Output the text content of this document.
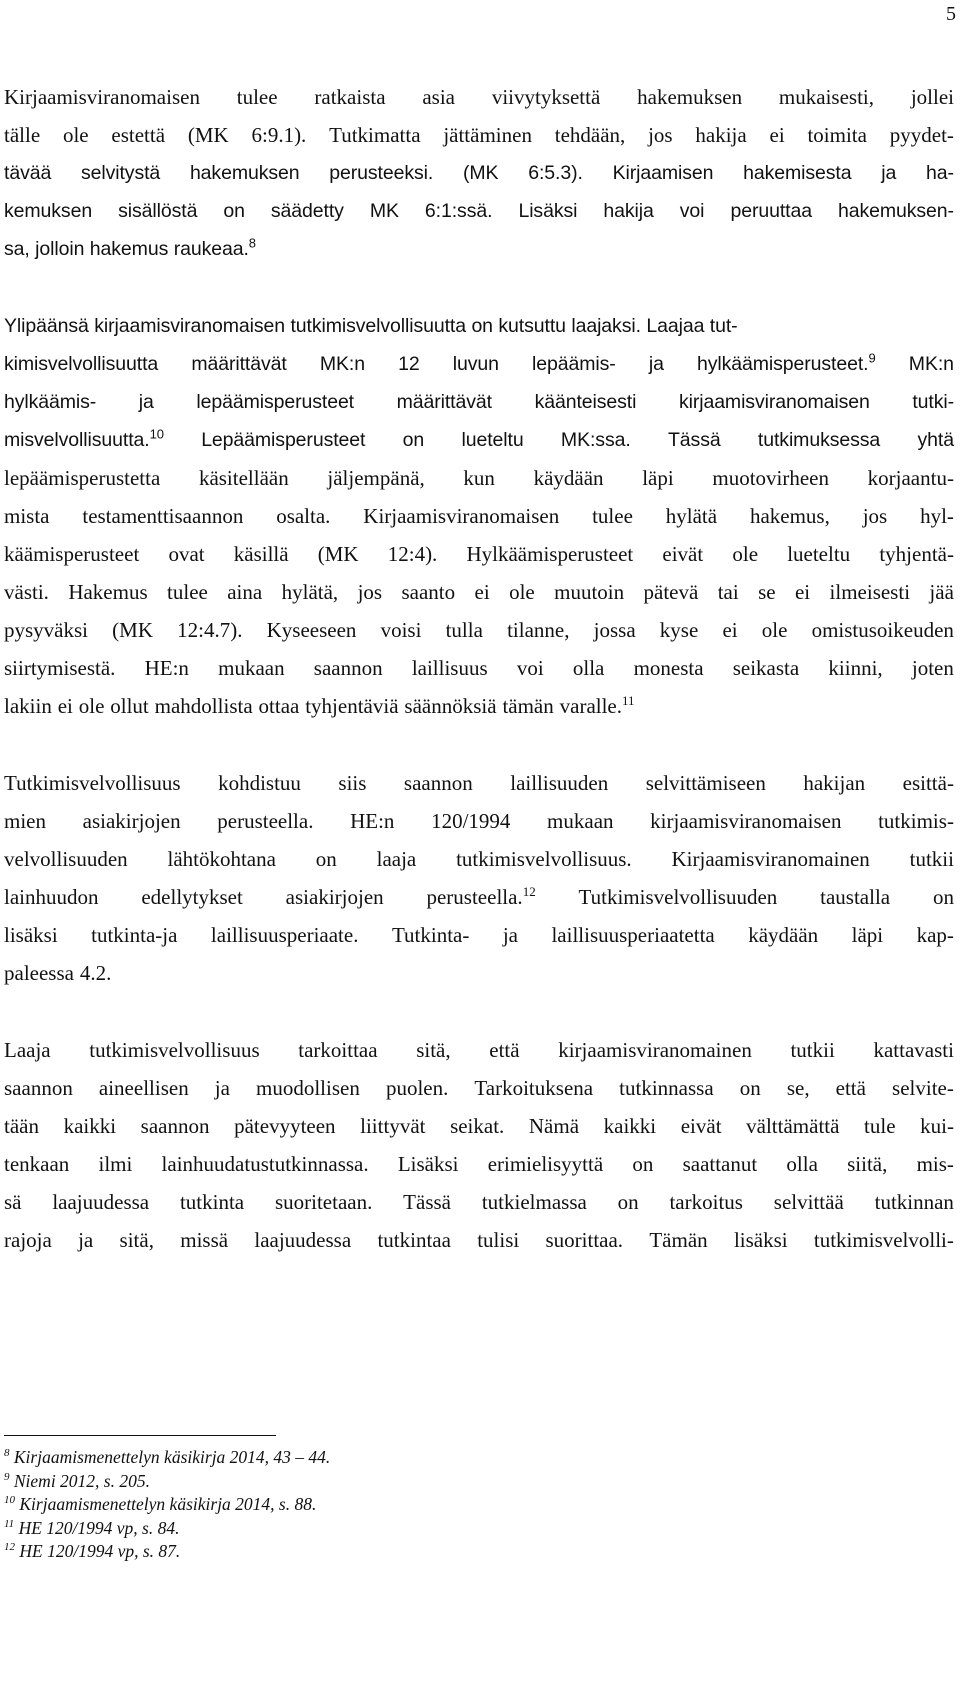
5
Kirjaamisviranomaisen tulee ratkaista asia viivytyksettä hakemuksen mukaisesti, jollei
tälle ole estettä (MK 6:9.1). Tutkimatta jättäminen tehdään, jos hakija ei toimita pyydet-
tävää selvitystä hakemuksen perusteeksi. (MK 6:5.3). Kirjaamisen hakemisesta ja ha-
kemuksen sisällöstä on säädetty MK 6:1:ssä. Lisäksi hakija voi peruuttaa hakemuksen-
sa, jolloin hakemus raukeaa.$^8$
Ylipäänsä kirjaamisviranomaisen tutkimisvelvollisuutta on kutsuttu laajaksi. Laajaa tut-
kimisvelvollisuutta määrittävät MK:n 12 luvun lepäämis- ja hylkäämisperusteet.$^9$ MK:n
hylkäämis- ja lepäämisperusteet määrittävät käänteisesti kirjaamisviranomaisen tutki-
misvelvollisuutta.$^{10}$ Lepäämisperusteet on lueteltu MK:ssa. Tässä tutkimuksessa yhtä
lepäämisperustetta käsitellään jäljempänä, kun käydään läpi muotovirheen korjaantu-
mista testamenttisaannon osalta. Kirjaamisviranomaisen tulee hylätä hakemus, jos hyl-
käämisperusteet ovat käsillä (MK 12:4). Hylkäämisperusteet eivät ole lueteltu tyhjentä-
västi. Hakemus tulee aina hylätä, jos saanto ei ole muutoin pätevä tai se ei ilmeisesti jää
pysyväksi (MK 12:4.7). Kyseeseen voisi tulla tilanne, jossa kyse ei ole omistusoikeuden
siirtymisestä. HE:n mukaan saannon laillisuus voi olla monesta seikasta kiinni, joten
lakiin ei ole ollut mahdollista ottaa tyhjentäviä säännöksiä tämän varalle.$^{11}$
Tutkimisvelvollisuus kohdistuu siis saannon laillisuuden selvittämiseen hakijan esittä-
mien asiakirjojen perusteella. HE:n 120/1994 mukaan kirjaamisviranomaisen tutkimis-
velvollisuuden lähtökohtana on laaja tutkimisvelvollisuus. Kirjaamisviranomainen tutkii
lainhuudon edellytykset asiakirjojen perusteella.$^{12}$ Tutkimisvelvollisuuden taustalla on
lisäksi tutkinta-ja laillisuusperiaate. Tutkinta- ja laillisuusperiaatetta käydään läpi kap-
paleessa 4.2.
Laaja tutkimisvelvollisuus tarkoittaa sitä, että kirjaamisviranomainen tutkii kattavasti
saannon aineellisen ja muodollisen puolen. Tarkoituksena tutkinnassa on se, että selvite-
tään kaikki saannon pätevyyteen liittyvät seikat. Nämä kaikki eivät välttämättä tule kui-
tenkaan ilmi lainhuudatustutkinnassa. Lisäksi erimielisyyttä on saattanut olla siitä, mis-
sä laajuudessa tutkinta suoritetaan. Tässä tutkielmassa on tarkoitus selvittää tutkinnan
rajoja ja sitä, missä laajuudessa tutkintaa tulisi suorittaa. Tämän lisäksi tutkimisvelvolli-
$^8$ Kirjaamismenettelyn käsikirja 2014, 43 – 44.
$^9$ Niemi 2012, s. 205.
$^{10}$ Kirjaamismenettelyn käsikirja 2014, s. 88.
$^{11}$ HE 120/1994 vp, s. 84.
$^{12}$ HE 120/1994 vp, s. 87.
